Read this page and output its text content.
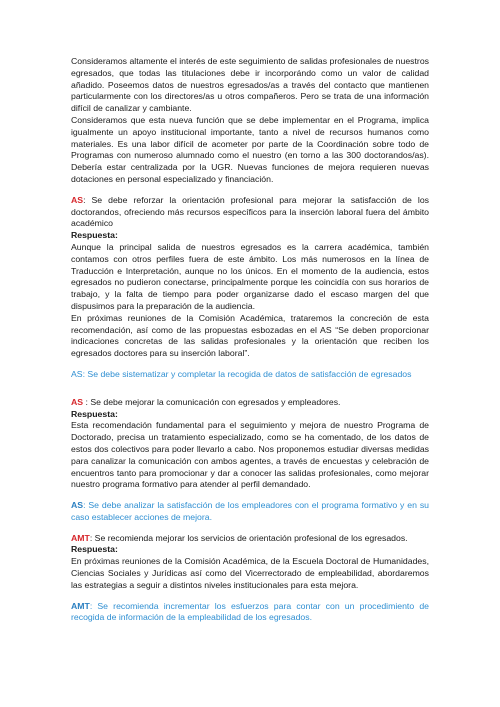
Consideramos altamente el interés de este seguimiento de salidas profesionales de nuestros egresados, que todas las titulaciones debe ir incorporándo como un valor de calidad añadido. Poseemos datos de nuestros egresados/as a través del contacto que mantienen particularmente con los directores/as u otros compañeros. Pero se trata de una información difícil de canalizar y cambiante.

Consideramos que esta nueva función que se debe implementar en el Programa, implica igualmente un apoyo institucional importante, tanto a nivel de recursos humanos como materiales. Es una labor difícil de acometer por parte de la Coordinación sobre todo de Programas con numeroso alumnado como el nuestro (en torno a las 300 doctorandos/as). Debería estar centralizada por la UGR. Nuevas funciones de mejora requieren nuevas dotaciones en personal especializado y financiación.

AS: Se debe reforzar la orientación profesional para mejorar la satisfacción de los doctorandos, ofreciendo más recursos específicos para la inserción laboral fuera del ámbito académico

Respuesta:

Aunque la principal salida de nuestros egresados es la carrera académica, también contamos con otros perfiles fuera de este ámbito. Los más numerosos en la línea de Traducción e Interpretación, aunque no los únicos. En el momento de la audiencia, estos egresados no pudieron conectarse, principalmente porque les coincidía con sus horarios de trabajo, y la falta de tiempo para poder organizarse dado el escaso margen del que dispusimos para la preparación de la audiencia.

En próximas reuniones de la Comisión Académica, trataremos la concreción de esta recomendación, así como de las propuestas esbozadas en el AS “Se deben proporcionar indicaciones concretas de las salidas profesionales y la orientación que reciben los egresados doctores para su inserción laboral”.

AS: Se debe sistematizar y completar la recogida de datos de satisfacción de egresados

AS : Se debe mejorar la comunicación con egresados y empleadores.

Respuesta:

Esta recomendación fundamental para el seguimiento y mejora de nuestro Programa de Doctorado, precisa un tratamiento especializado, como se ha comentado, de los datos de estos dos colectivos para poder llevarlo a cabo. Nos proponemos estudiar diversas medidas para canalizar la comunicación con ambos agentes, a través de encuestas y celebración de encuentros tanto para promocionar y dar a conocer las salidas profesionales, como mejorar nuestro programa formativo para atender al perfil demandado.

AS: Se debe analizar la satisfacción de los empleadores con el programa formativo y en su caso establecer acciones de mejora.

AMT: Se recomienda mejorar los servicios de orientación profesional de los egresados.

Respuesta:

En próximas reuniones de la Comisión Académica, de la Escuela Doctoral de Humanidades, Ciencias Sociales y Jurídicas así como del Vicerrectorado de empleabilidad, abordaremos las estrategias a seguir a distintos niveles institucionales para esta mejora.

AMT: Se recomienda incrementar los esfuerzos para contar con un procedimiento de recogida de información de la empleabilidad de los egresados.
